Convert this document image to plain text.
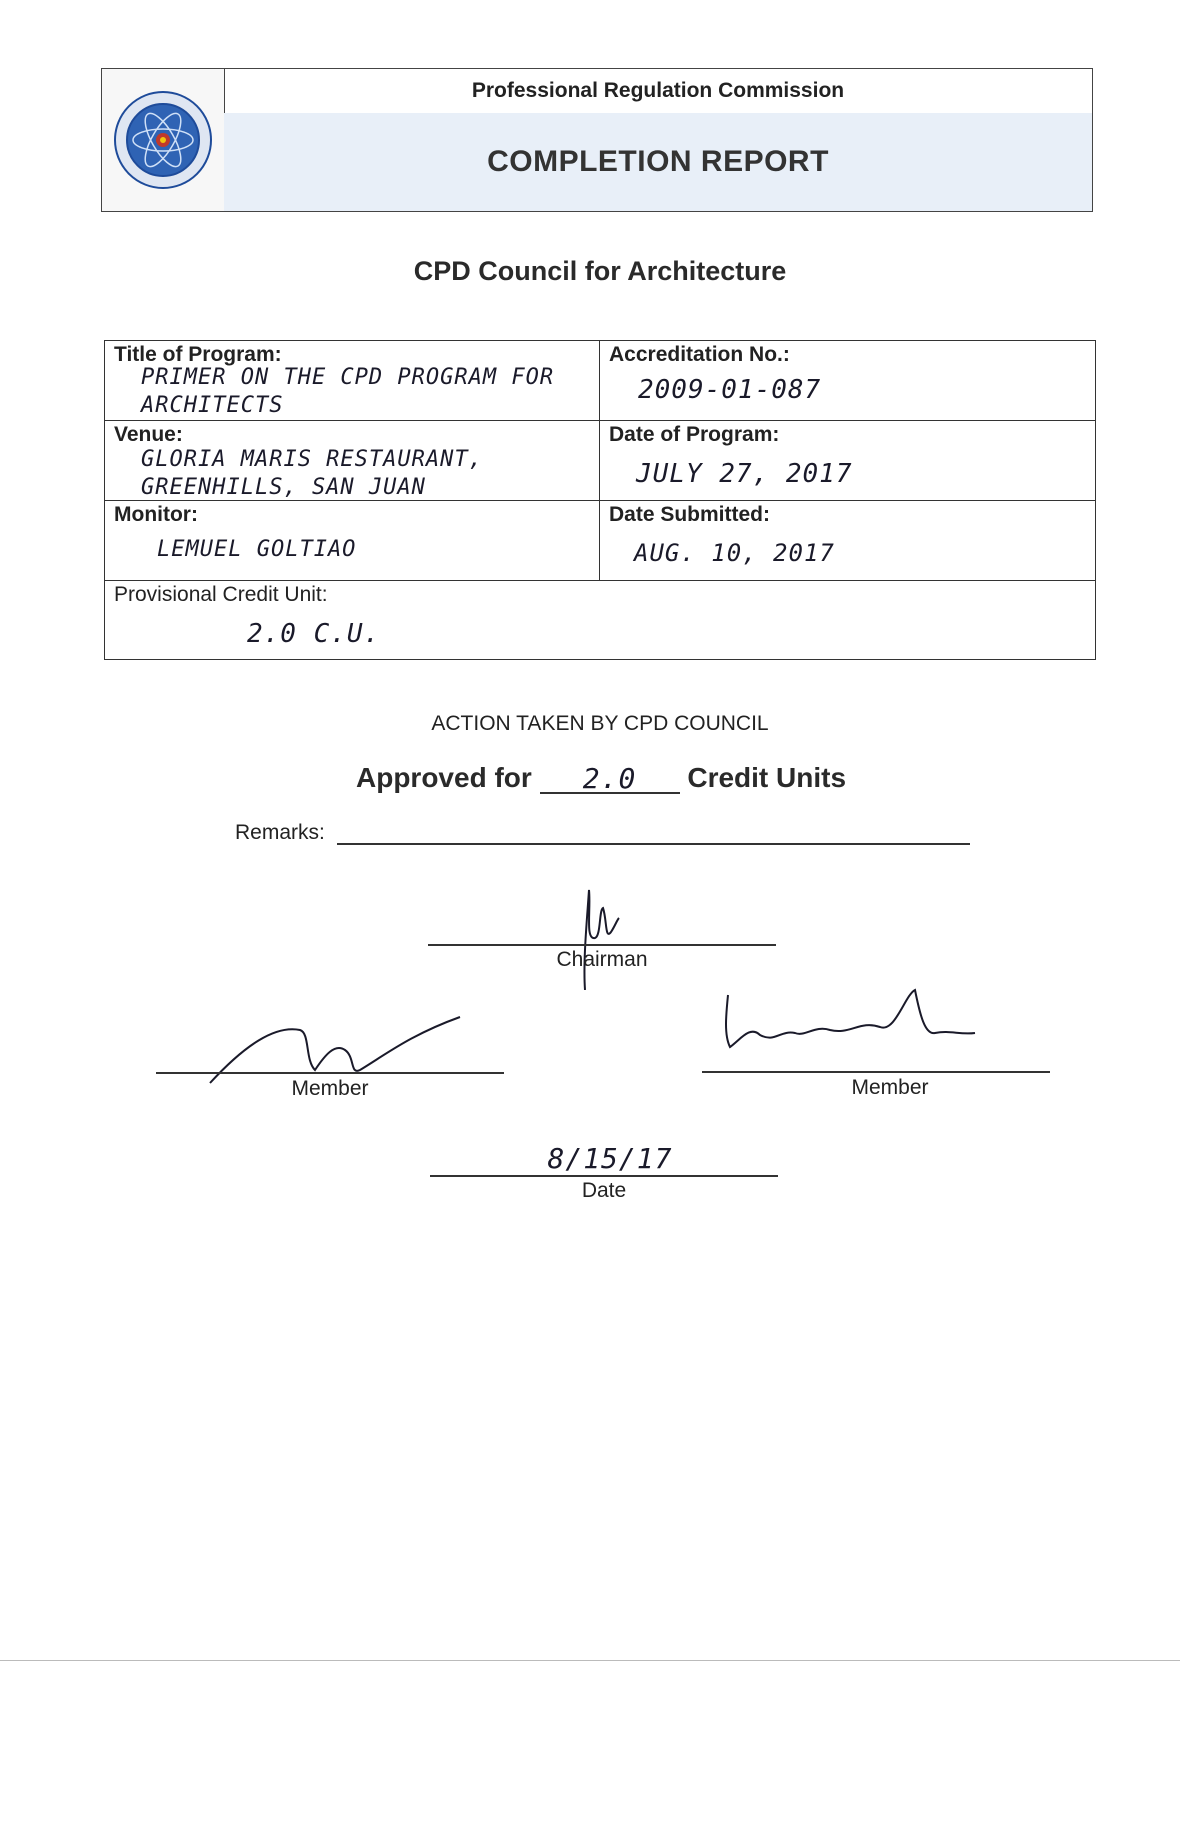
Professional Regulation Commission
COMPLETION REPORT
CPD Council for Architecture
Title of Program:
PRIMER ON THE CPD PROGRAM FOR
ARCHITECTS
Accreditation No.:
2009-01-087
Venue:
GLORIA MARIS RESTAURANT,
GREENHILLS, SAN JUAN
Date of Program:
JULY 27, 2017
Monitor:
LEMUEL GOLTIAO
Date Submitted:
AUG. 10, 2017
Provisional Credit Unit:
2.0 C.U.
ACTION TAKEN BY CPD COUNCIL
Approved for 2.0 Credit Units
Remarks:
Chairman
Member	Member
8/15/17
Date
